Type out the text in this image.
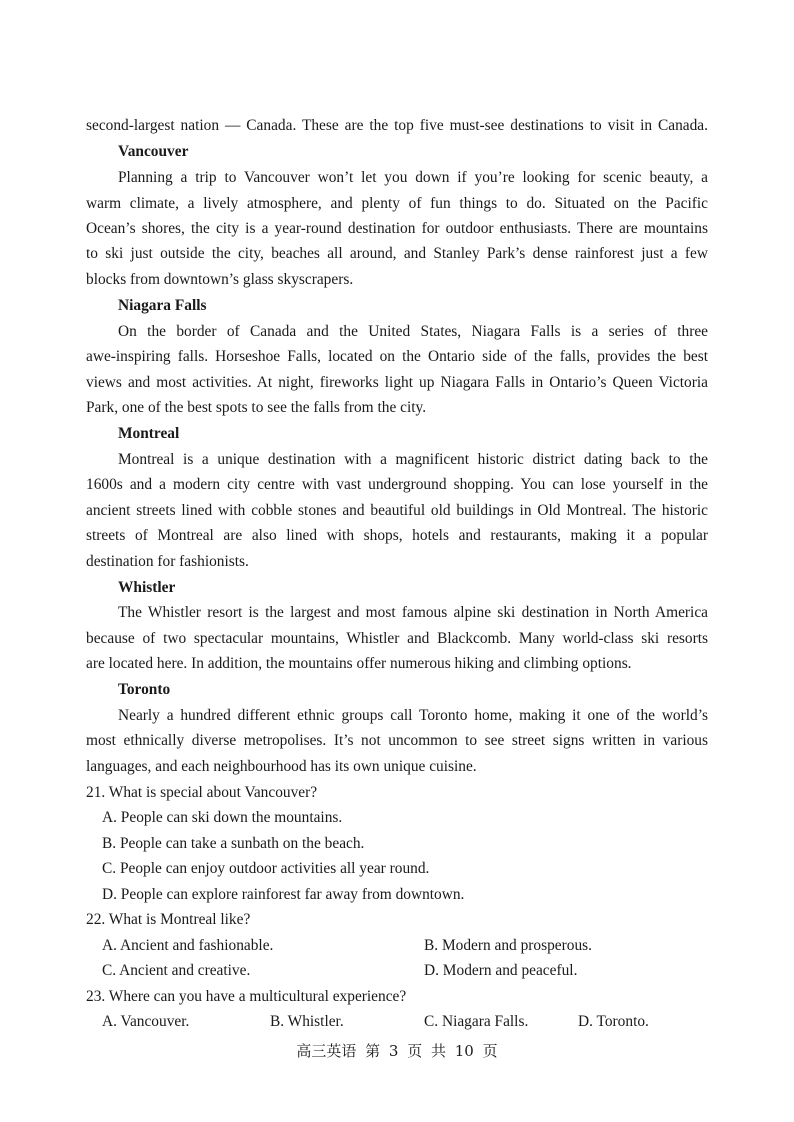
second-largest nation — Canada. These are the top five must-see destinations to visit in Canada.
Vancouver
Planning a trip to Vancouver won’t let you down if you’re looking for scenic beauty, a
warm climate, a lively atmosphere, and plenty of fun things to do. Situated on the Pacific
Ocean’s shores, the city is a year-round destination for outdoor enthusiasts. There are mountains
to ski just outside the city, beaches all around, and Stanley Park’s dense rainforest just a few
blocks from downtown’s glass skyscrapers.
Niagara Falls
On the border of Canada and the United States, Niagara Falls is a series of three
awe-inspiring falls. Horseshoe Falls, located on the Ontario side of the falls, provides the best
views and most activities. At night, fireworks light up Niagara Falls in Ontario’s Queen Victoria
Park, one of the best spots to see the falls from the city.
Montreal
Montreal is a unique destination with a magnificent historic district dating back to the
1600s and a modern city centre with vast underground shopping. You can lose yourself in the
ancient streets lined with cobble stones and beautiful old buildings in Old Montreal. The historic
streets of Montreal are also lined with shops, hotels and restaurants, making it a popular
destination for fashionists.
Whistler
The Whistler resort is the largest and most famous alpine ski destination in North America
because of two spectacular mountains, Whistler and Blackcomb. Many world-class ski resorts
are located here. In addition, the mountains offer numerous hiking and climbing options.
Toronto
Nearly a hundred different ethnic groups call Toronto home, making it one of the world’s
most ethnically diverse metropolises. It’s not uncommon to see street signs written in various
languages, and each neighbourhood has its own unique cuisine.
21. What is special about Vancouver?
A. People can ski down the mountains.
B. People can take a sunbath on the beach.
C. People can enjoy outdoor activities all year round.
D. People can explore rainforest far away from downtown.
22. What is Montreal like?
A. Ancient and fashionable.	B. Modern and prosperous.
C. Ancient and creative.	D. Modern and peaceful.
23. Where can you have a multicultural experience?
A. Vancouver.	B. Whistler.	C. Niagara Falls.	D. Toronto.
高三英语 第 3 页 共 10 页
